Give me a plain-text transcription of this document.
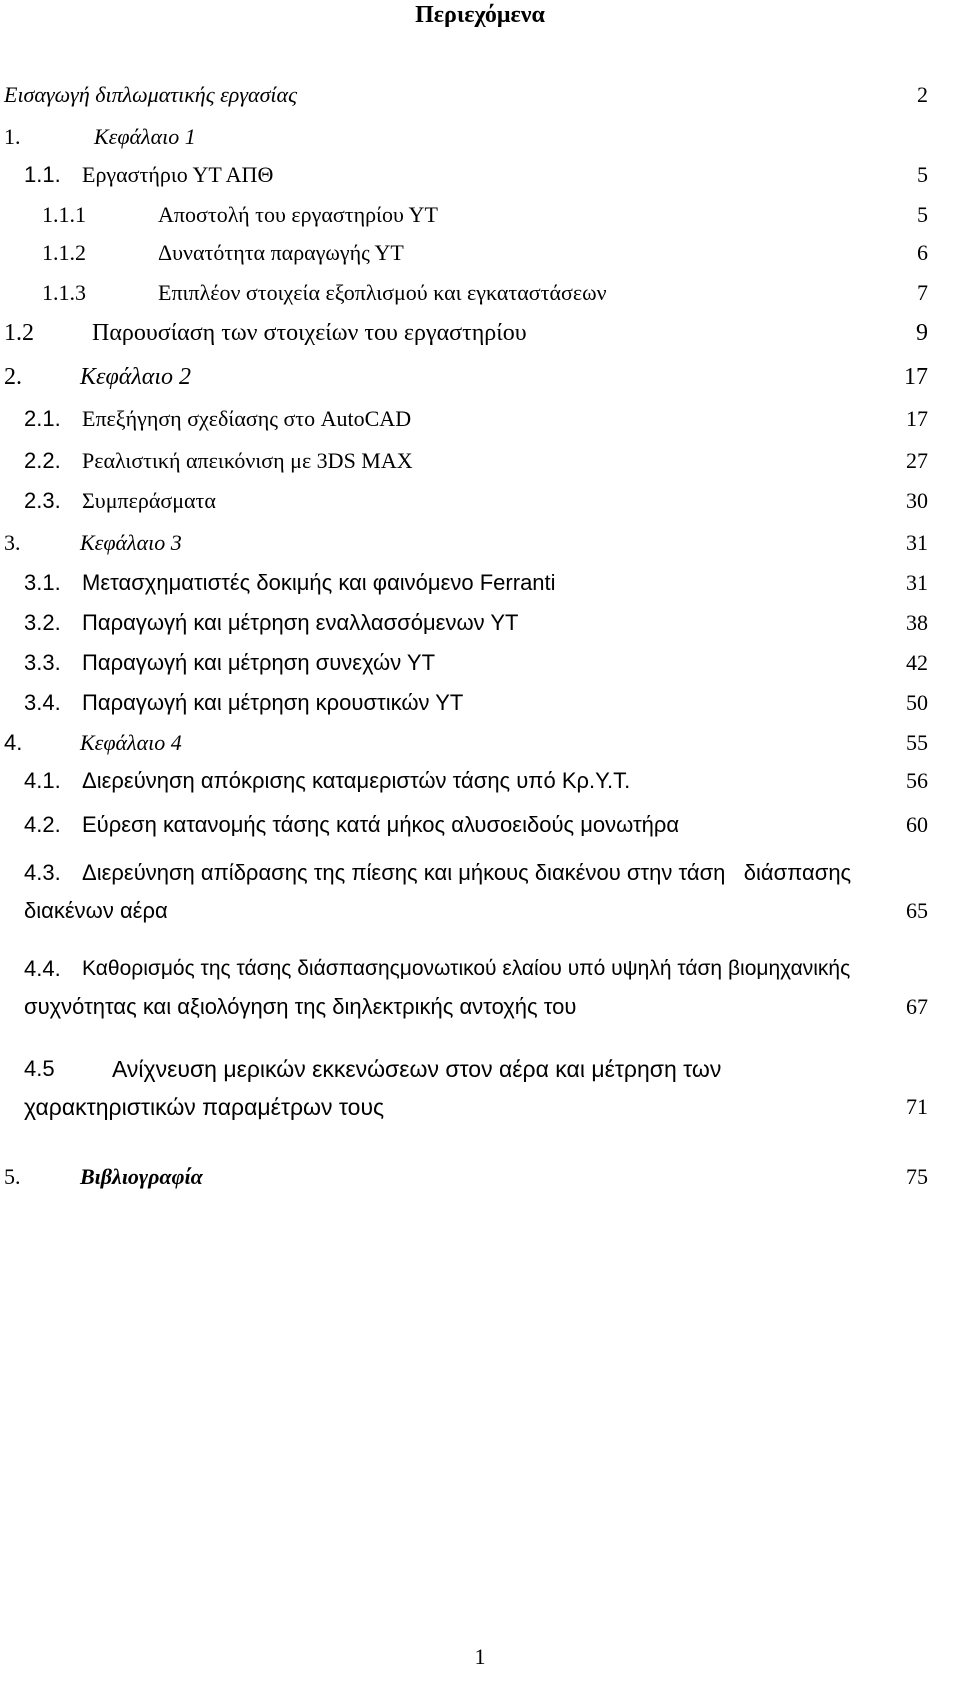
Περιεχόμενα
Εισαγωγή διπλωματικής εργασίας	2
1.	Κεφάλαιο 1
1.1. Εργαστήριο ΥΤ ΑΠΘ	5
1.1.1	Αποστολή του εργαστηρίου ΥΤ	5
1.1.2	Δυνατότητα παραγωγής ΥΤ	6
1.1.3	Επιπλέον στοιχεία εξοπλισμού και εγκαταστάσεων	7
1.2 Παρουσίαση των στοιχείων του εργαστηρίου	9
2. Κεφάλαιο 2	17
2.1. Επεξήγηση σχεδίασης στο AutoCAD	17
2.2. Ρεαλιστική απεικόνιση με 3DS MAX	27
2.3. Συμπεράσματα	30
3.	Κεφάλαιο 3	31
3.1. Μετασχηματιστές δοκιμής και φαινόμενο Ferranti	31
3.2. Παραγωγή και μέτρηση εναλλασσόμενων ΥΤ	38
3.3. Παραγωγή και μέτρηση συνεχών ΥΤ	42
3.4. Παραγωγή και μέτρηση κρουστικών ΥΤ	50
4.	Κεφάλαιο 4	55
4.1. Διερεύνηση απόκρισης καταμεριστών τάσης υπό Κρ.Υ.Τ.	56
4.2. Εύρεση κατανομής τάσης κατά μήκος αλυσοειδούς μονωτήρα	60
4.3. Διερεύνηση απίδρασης της πίεσης και μήκους διακένου στην τάση   διάσπασης
διακένων αέρα	65
4.4. Καθορισμός της τάσης διάσπασηςμονωτικού ελαίου υπό υψηλή τάση βιομηχανικής
συχνότητας και αξιολόγηση της διηλεκτρικής αντοχής του	67
4.5 Ανίχνευση μερικών εκκενώσεων στον αέρα και μέτρηση των
χαρακτηριστικών παραμέτρων τους	71
5.	Βιβλιογραφία	75
1
